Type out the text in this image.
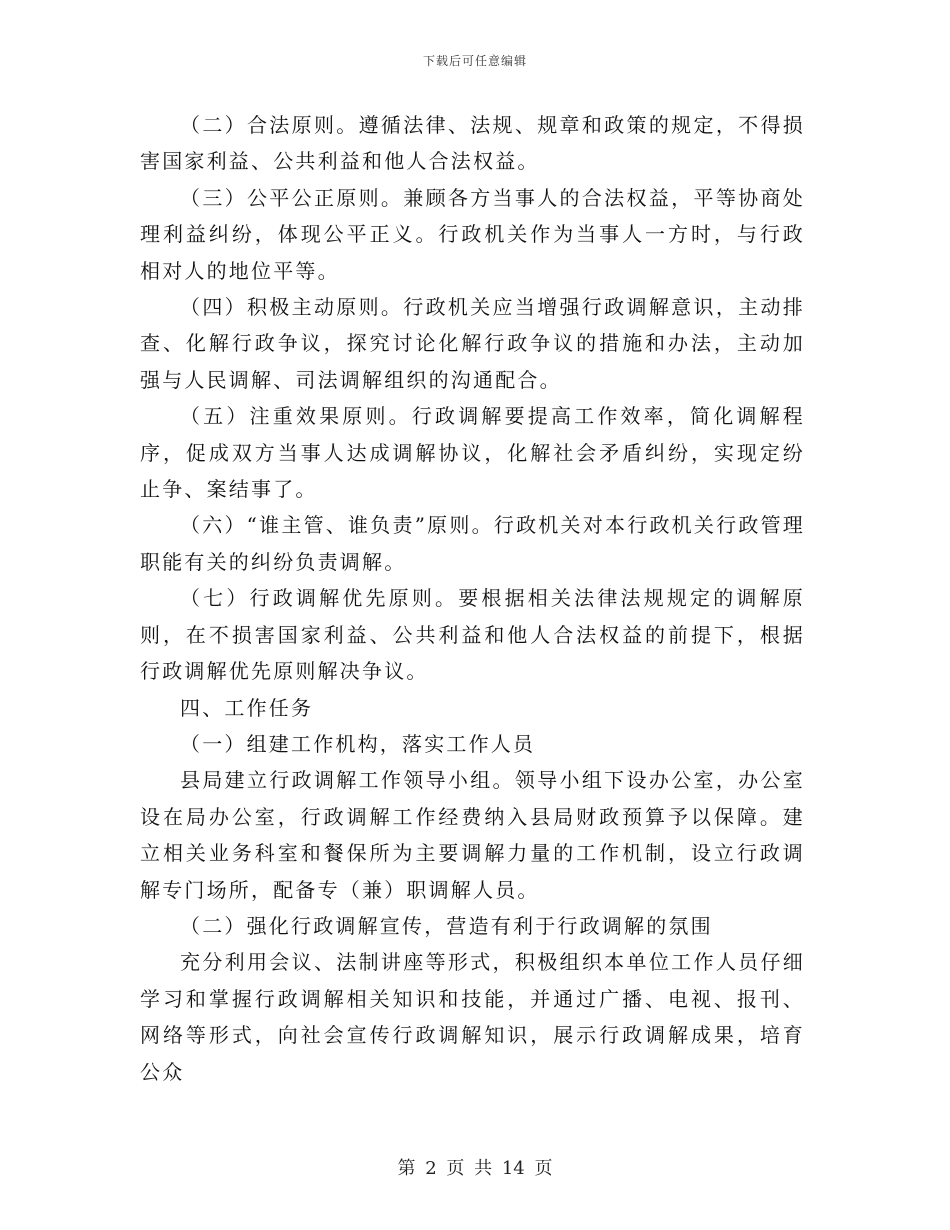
下载后可任意编辑

（二）合法原则。遵循法律、法规、规章和政策的规定，不得损害国家利益、公共利益和他人合法权益。

（三）公平公正原则。兼顾各方当事人的合法权益，平等协商处理利益纠纷，体现公平正义。行政机关作为当事人一方时，与行政相对人的地位平等。

（四）积极主动原则。行政机关应当增强行政调解意识，主动排查、化解行政争议，探究讨论化解行政争议的措施和办法，主动加强与人民调解、司法调解组织的沟通配合。

（五）注重效果原则。行政调解要提高工作效率，简化调解程序，促成双方当事人达成调解协议，化解社会矛盾纠纷，实现定纷止争、案结事了。

（六）“谁主管、谁负责”原则。行政机关对本行政机关行政管理职能有关的纠纷负责调解。

（七）行政调解优先原则。要根据相关法律法规规定的调解原则，在不损害国家利益、公共利益和他人合法权益的前提下，根据行政调解优先原则解决争议。

四、工作任务

（一）组建工作机构，落实工作人员

县局建立行政调解工作领导小组。领导小组下设办公室，办公室设在局办公室，行政调解工作经费纳入县局财政预算予以保障。建立相关业务科室和餐保所为主要调解力量的工作机制，设立行政调解专门场所，配备专（兼）职调解人员。

（二）强化行政调解宣传，营造有利于行政调解的氛围

充分利用会议、法制讲座等形式，积极组织本单位工作人员仔细学习和掌握行政调解相关知识和技能，并通过广播、电视、报刊、网络等形式，向社会宣传行政调解知识，展示行政调解成果，培育公众

第 2 页 共 14 页
